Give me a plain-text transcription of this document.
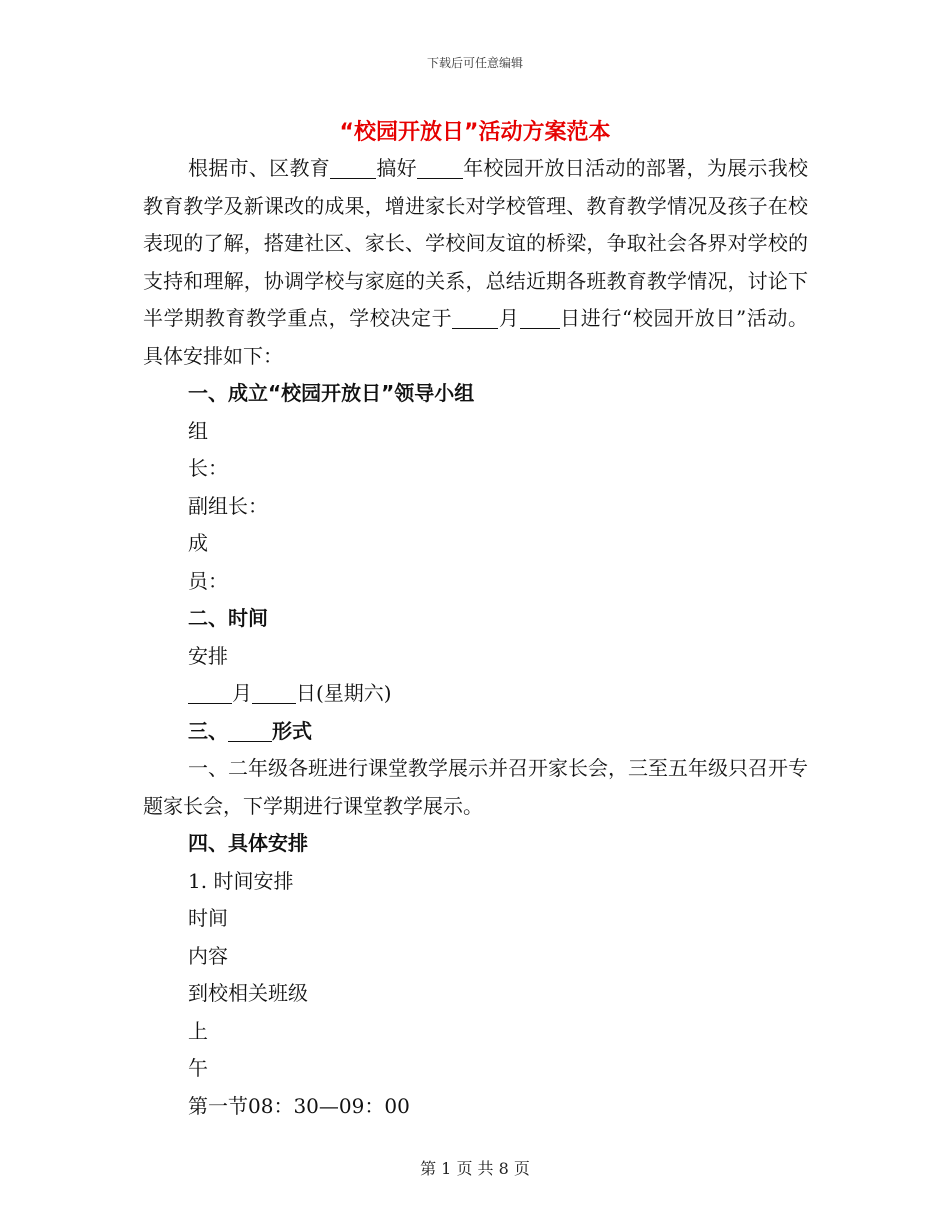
下载后可任意编辑
“校园开放日”活动方案范本

根据市、区教育 搞好 年校园开放日活动的部署，为展示我校教育教学及新课改的成果，增进家长对学校管理、教育教学情况及孩子在校表现的了解，搭建社区、家长、学校间友谊的桥梁，争取社会各界对学校的支持和理解，协调学校与家庭的关系，总结近期各班教育教学情况，讨论下半学期教育教学重点，学校决定于 月 日进行“校园开放日”活动。具体安排如下：

一、成立“校园开放日”领导小组

组

长：

副组长：

成

员：

二、时间

安排

月 日(星期六)

三、 形式

一、二年级各班进行课堂教学展示并召开家长会，三至五年级只召开专题家长会，下学期进行课堂教学展示。

四、具体安排

1. 时间安排

时间

内容

到校相关班级

上

午

第一节08：30—09：00

第 1 页 共 8 页
